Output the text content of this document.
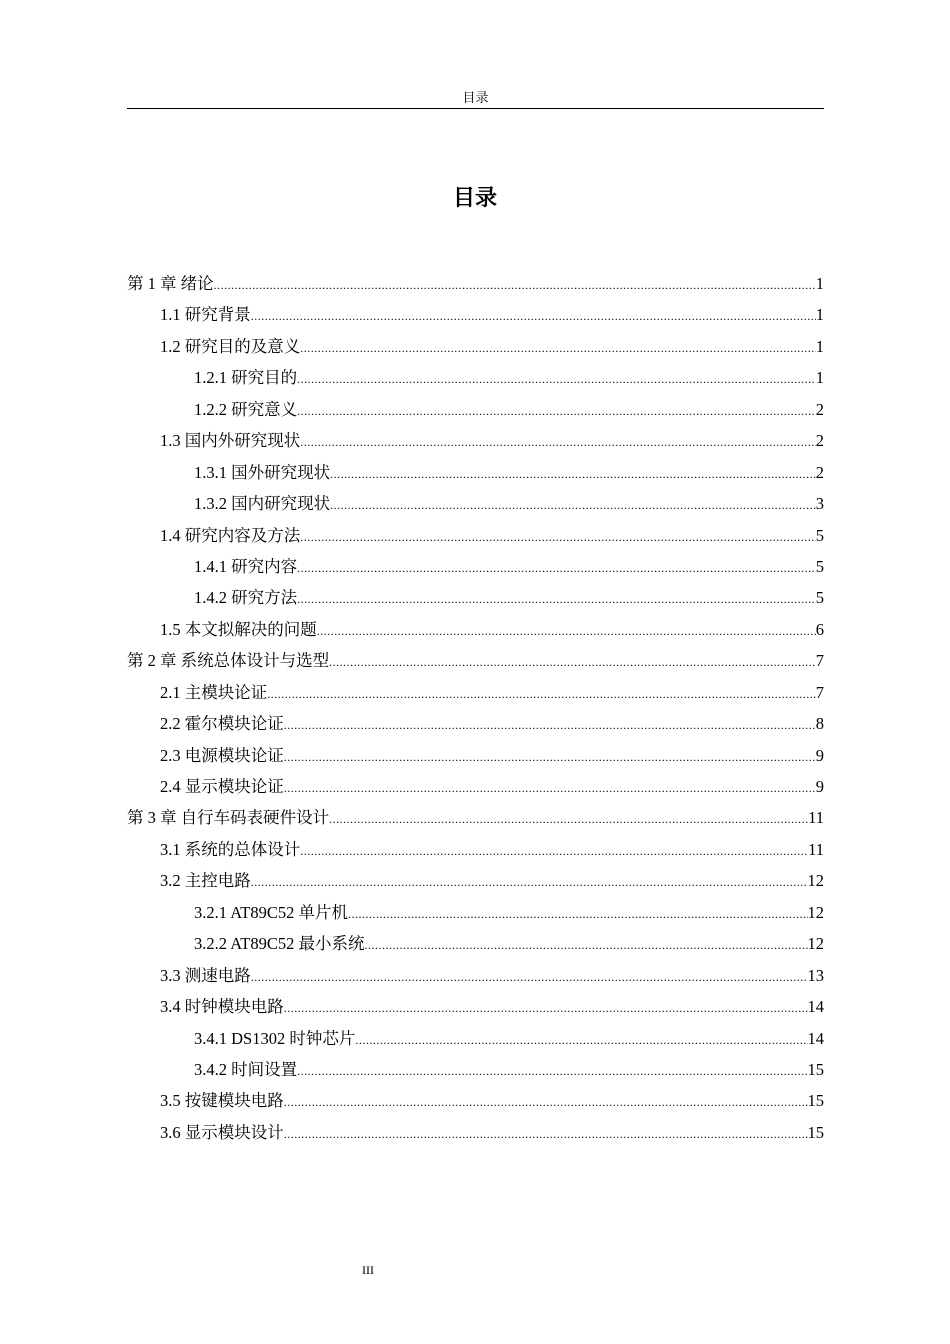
目录
目录
第 1 章 绪论 .....	1
1.1 研究背景 .....	1
1.2 研究目的及意义 .....	1
1.2.1 研究目的 .....	1
1.2.2 研究意义 .....	2
1.3 国内外研究现状 .....	2
1.3.1 国外研究现状 .....	2
1.3.2 国内研究现状 .....	3
1.4 研究内容及方法 .....	5
1.4.1 研究内容 .....	5
1.4.2 研究方法 .....	5
1.5 本文拟解决的问题 .....	6
第 2 章 系统总体设计与选型 .....	7
2.1 主模块论证 .....	7
2.2 霍尔模块论证 .....	8
2.3 电源模块论证 .....	9
2.4 显示模块论证 .....	9
第 3 章 自行车码表硬件设计 .....	11
3.1 系统的总体设计 .....	11
3.2 主控电路 .....	12
3.2.1 AT89C52 单片机 .....	12
3.2.2 AT89C52 最小系统 .....	12
3.3 测速电路 .....	13
3.4 时钟模块电路 .....	14
3.4.1 DS1302 时钟芯片 .....	14
3.4.2 时间设置 .....	15
3.5 按键模块电路 .....	15
3.6 显示模块设计 .....	15
III
